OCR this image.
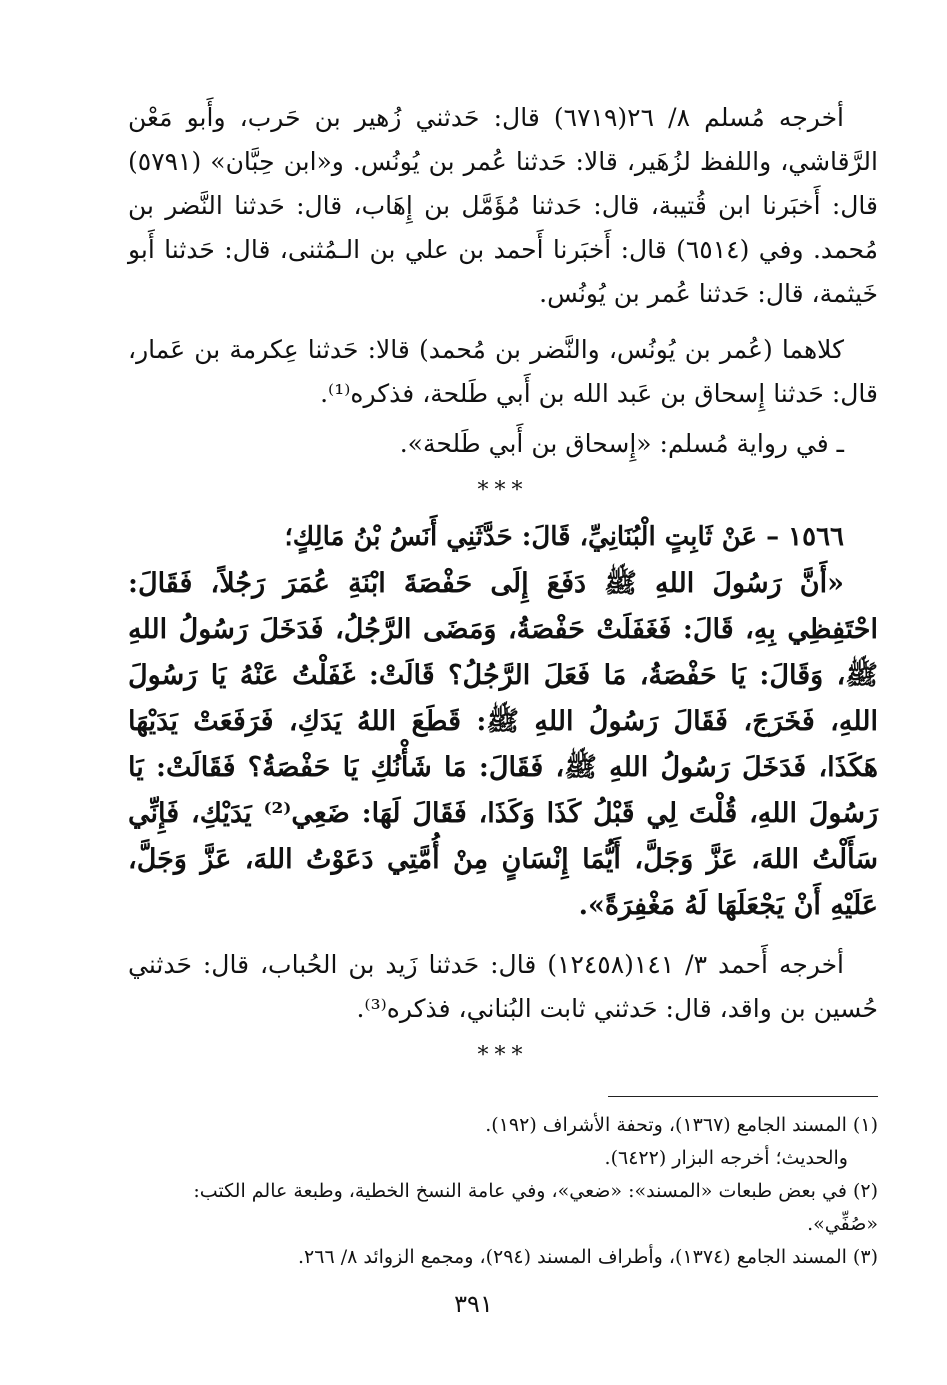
أخرجه مُسلم ٨/ ٢٦(٦٧١٩) قال: حَدثني زُهير بن حَرب، وأَبو مَعْن الرَّقاشي، واللفظ لزُهَير، قالا: حَدثنا عُمر بن يُونُس. و«ابن حِبَّان» (٥٧٩١) قال: أَخبَرنا ابن قُتيبة، قال: حَدثنا مُؤَمَّل بن إِهَاب، قال: حَدثنا النَّضر بن مُحمد. وفي (٦٥١٤) قال: أَخبَرنا أَحمد بن علي بن الـمُثنى، قال: حَدثنا أَبو خَيثمة، قال: حَدثنا عُمر بن يُونُس.

كلاهما (عُمر بن يُونُس، والنَّضر بن مُحمد) قالا: حَدثنا عِكرمة بن عَمار، قال: حَدثنا إِسحاق بن عَبد الله بن أَبي طَلحة، فذكره⁽¹⁾.

ـ في رواية مُسلم: «إِسحاق بن أَبي طَلحة».

***

١٥٦٦ – عَنْ ثَابِتٍ الْبُنَانِيِّ، قَالَ: حَدَّثَنِي أَنَسُ بْنُ مَالِكٍ؛

«أَنَّ رَسُولَ اللهِ ﷺ دَفَعَ إِلَى حَفْصَةَ ابْنَةِ عُمَرَ رَجُلاً، فَقَالَ: احْتَفِظِي بِهِ، قَالَ: فَغَفَلَتْ حَفْصَةُ، وَمَضَى الرَّجُلُ، فَدَخَلَ رَسُولُ اللهِ ﷺ، وَقَالَ: يَا حَفْصَةُ، مَا فَعَلَ الرَّجُلُ؟ قَالَتْ: غَفَلْتُ عَنْهُ يَا رَسُولَ اللهِ، فَخَرَجَ، فَقَالَ رَسُولُ اللهِ ﷺ: قَطَعَ اللهُ يَدَكِ، فَرَفَعَتْ يَدَيْهَا هَكَذَا، فَدَخَلَ رَسُولُ اللهِ ﷺ، فَقَالَ: مَا شَأْنُكِ يَا حَفْصَةُ؟ فَقَالَتْ: يَا رَسُولَ اللهِ، قُلْتَ لِي قَبْلُ كَذَا وَكَذَا، فَقَالَ لَهَا: ضَعِي⁽²⁾ يَدَيْكِ، فَإِنِّي سَأَلْتُ اللهَ، عَزَّ وَجَلَّ، أَيُّمَا إِنْسَانٍ مِنْ أُمَّتِي دَعَوْتُ اللهَ، عَزَّ وَجَلَّ، عَلَيْهِ أَنْ يَجْعَلَهَا لَهُ مَغْفِرَةً».

أخرجه أَحمد ٣/ ١٤١(١٢٤٥٨) قال: حَدثنا زَيد بن الحُباب، قال: حَدثني حُسين بن واقد، قال: حَدثني ثابت البُناني، فذكره⁽³⁾.

***

(١) المسند الجامع (١٣٦٧)، وتحفة الأشراف (١٩٢).

والحديث؛ أخرجه البزار (٦٤٢٢).

(٢) في بعض طبعات «المسند»: «ضعي»، وفي عامة النسخ الخطية، وطبعة عالم الكتب: «صُفِّي».

(٣) المسند الجامع (١٣٧٤)، وأطراف المسند (٢٩٤)، ومجمع الزوائد ٨/ ٢٦٦.

٣٩١
